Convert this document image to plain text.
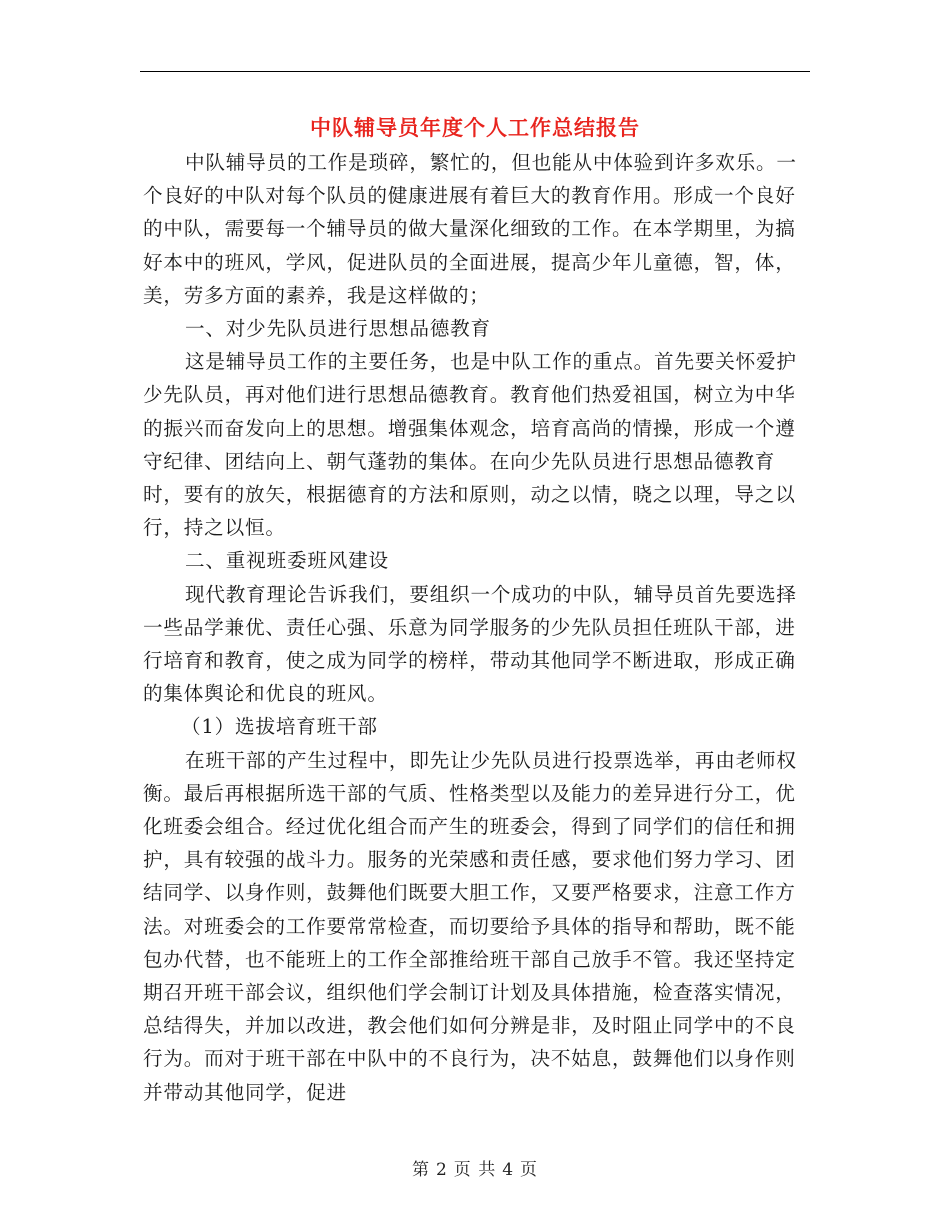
中队辅导员年度个人工作总结报告

中队辅导员的工作是琐碎，繁忙的，但也能从中体验到许多欢乐。一个良好的中队对每个队员的健康进展有着巨大的教育作用。形成一个良好的中队，需要每一个辅导员的做大量深化细致的工作。在本学期里，为搞好本中的班风，学风，促进队员的全面进展，提高少年儿童德，智，体，美，劳多方面的素养，我是这样做的；

一、对少先队员进行思想品德教育

这是辅导员工作的主要任务，也是中队工作的重点。首先要关怀爱护少先队员，再对他们进行思想品德教育。教育他们热爱祖国，树立为中华的振兴而奋发向上的思想。增强集体观念，培育高尚的情操，形成一个遵守纪律、团结向上、朝气蓬勃的集体。在向少先队员进行思想品德教育时，要有的放矢，根据德育的方法和原则，动之以情，晓之以理，导之以行，持之以恒。

二、重视班委班风建设

现代教育理论告诉我们，要组织一个成功的中队，辅导员首先要选择一些品学兼优、责任心强、乐意为同学服务的少先队员担任班队干部，进行培育和教育，使之成为同学的榜样，带动其他同学不断进取，形成正确的集体舆论和优良的班风。

（1）选拔培育班干部

在班干部的产生过程中，即先让少先队员进行投票选举，再由老师权衡。最后再根据所选干部的气质、性格类型以及能力的差异进行分工，优化班委会组合。经过优化组合而产生的班委会，得到了同学们的信任和拥护，具有较强的战斗力。服务的光荣感和责任感，要求他们努力学习、团结同学、以身作则，鼓舞他们既要大胆工作，又要严格要求，注意工作方法。对班委会的工作要常常检查，而切要给予具体的指导和帮助，既不能包办代替，也不能班上的工作全部推给班干部自己放手不管。我还坚持定期召开班干部会议，组织他们学会制订计划及具体措施，检查落实情况，总结得失，并加以改进，教会他们如何分辨是非，及时阻止同学中的不良行为。而对于班干部在中队中的不良行为，决不姑息，鼓舞他们以身作则并带动其他同学，促进

第 2 页 共 4 页
